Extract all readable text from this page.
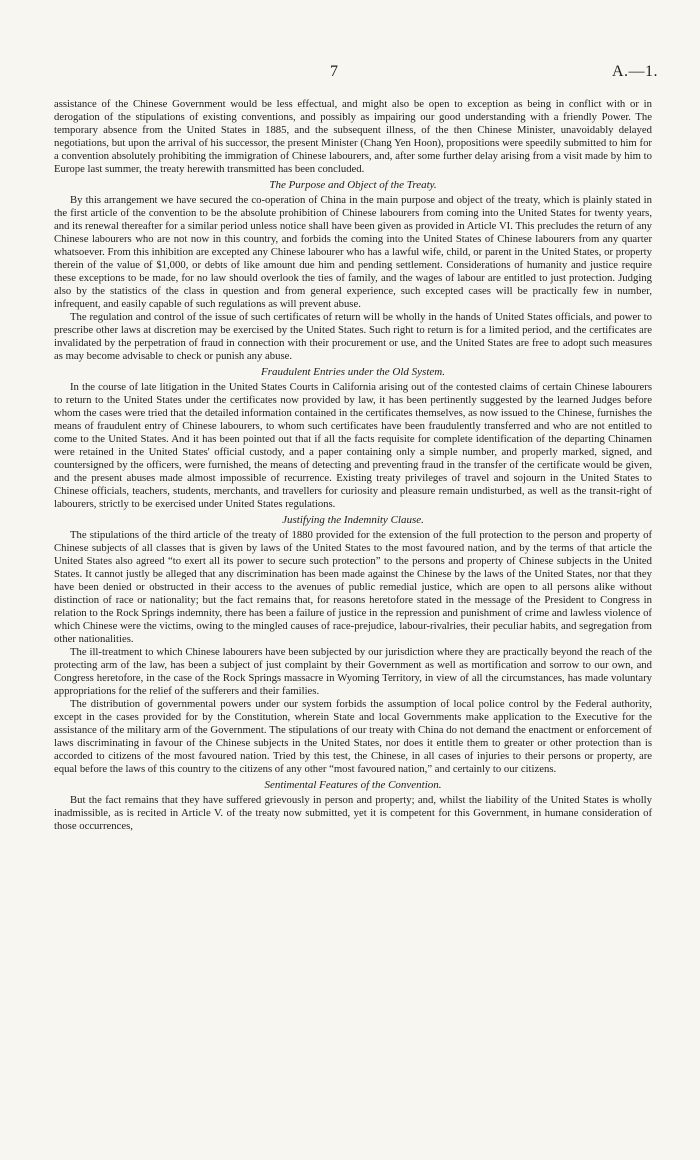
7	A.—1.

assistance of the Chinese Government would be less effectual, and might also be open to exception as being in conflict with or in derogation of the stipulations of existing conventions, and possibly as impairing our good understanding with a friendly Power. The temporary absence from the United States in 1885, and the subsequent illness, of the then Chinese Minister, unavoidably delayed negotiations, but upon the arrival of his successor, the present Minister (Chang Yen Hoon), propositions were speedily submitted to him for a convention absolutely prohibiting the immigration of Chinese labourers, and, after some further delay arising from a visit made by him to Europe last summer, the treaty herewith transmitted has been concluded.

The Purpose and Object of the Treaty.

By this arrangement we have secured the co-operation of China in the main purpose and object of the treaty, which is plainly stated in the first article of the convention to be the absolute prohibition of Chinese labourers from coming into the United States for twenty years, and its renewal thereafter for a similar period unless notice shall have been given as provided in Article VI. This precludes the return of any Chinese labourers who are not now in this country, and forbids the coming into the United States of Chinese labourers from any quarter whatsoever. From this inhibition are excepted any Chinese labourer who has a lawful wife, child, or parent in the United States, or property therein of the value of $1,000, or debts of like amount due him and pending settlement. Considerations of humanity and justice require these exceptions to be made, for no law should overlook the ties of family, and the wages of labour are entitled to just protection. Judging also by the statistics of the class in question and from general experience, such excepted cases will be practically few in number, infrequent, and easily capable of such regulations as will prevent abuse.

The regulation and control of the issue of such certificates of return will be wholly in the hands of United States officials, and power to prescribe other laws at discretion may be exercised by the United States. Such right to return is for a limited period, and the certificates are invalidated by the perpetration of fraud in connection with their procurement or use, and the United States are free to adopt such measures as may become advisable to check or punish any abuse.

Fraudulent Entries under the Old System.

In the course of late litigation in the United States Courts in California arising out of the contested claims of certain Chinese labourers to return to the United States under the certificates now provided by law, it has been pertinently suggested by the learned Judges before whom the cases were tried that the detailed information contained in the certificates themselves, as now issued to the Chinese, furnishes the means of fraudulent entry of Chinese labourers, to whom such certificates have been fraudulently transferred and who are not entitled to come to the United States. And it has been pointed out that if all the facts requisite for complete identification of the departing Chinamen were retained in the United States' official custody, and a paper containing only a simple number, and properly marked, signed, and countersigned by the officers, were furnished, the means of detecting and preventing fraud in the transfer of the certificate would be given, and the present abuses made almost impossible of recurrence. Existing treaty privileges of travel and sojourn in the United States to Chinese officials, teachers, students, merchants, and travellers for curiosity and pleasure remain undisturbed, as well as the transit-right of labourers, strictly to be exercised under United States regulations.

Justifying the Indemnity Clause.

The stipulations of the third article of the treaty of 1880 provided for the extension of the full protection to the person and property of Chinese subjects of all classes that is given by laws of the United States to the most favoured nation, and by the terms of that article the United States also agreed “to exert all its power to secure such protection” to the persons and property of Chinese subjects in the United States. It cannot justly be alleged that any discrimination has been made against the Chinese by the laws of the United States, nor that they have been denied or obstructed in their access to the avenues of public remedial justice, which are open to all persons alike without distinction of race or nationality; but the fact remains that, for reasons heretofore stated in the message of the President to Congress in relation to the Rock Springs indemnity, there has been a failure of justice in the repression and punishment of crime and lawless violence of which Chinese were the victims, owing to the mingled causes of race-prejudice, labour-rivalries, their peculiar habits, and segregation from other nationalities.

The ill-treatment to which Chinese labourers have been subjected by our jurisdiction where they are practically beyond the reach of the protecting arm of the law, has been a subject of just complaint by their Government as well as mortification and sorrow to our own, and Congress heretofore, in the case of the Rock Springs massacre in Wyoming Territory, in view of all the circumstances, has made voluntary appropriations for the relief of the sufferers and their families.

The distribution of governmental powers under our system forbids the assumption of local police control by the Federal authority, except in the cases provided for by the Constitution, wherein State and local Governments make application to the Executive for the assistance of the military arm of the Government. The stipulations of our treaty with China do not demand the enactment or enforcement of laws discriminating in favour of the Chinese subjects in the United States, nor does it entitle them to greater or other protection than is accorded to citizens of the most favoured nation. Tried by this test, the Chinese, in all cases of injuries to their persons or property, are equal before the laws of this country to the citizens of any other “most favoured nation,” and certainly to our citizens.

Sentimental Features of the Convention.

But the fact remains that they have suffered grievously in person and property; and, whilst the liability of the United States is wholly inadmissible, as is recited in Article V. of the treaty now submitted, yet it is competent for this Government, in humane consideration of those occurrences,
